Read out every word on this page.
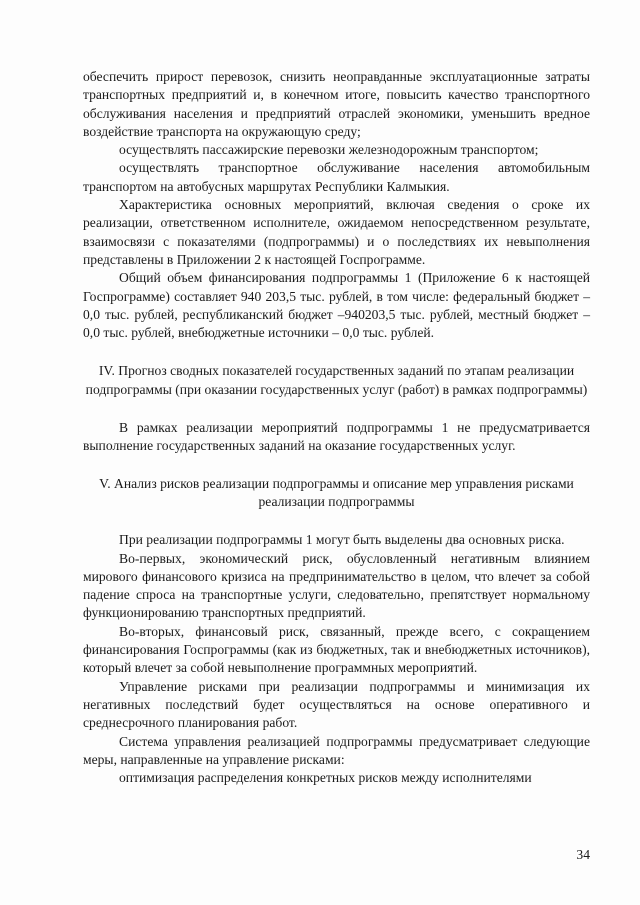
обеспечить прирост перевозок, снизить неоправданные эксплуатационные затраты транспортных предприятий и, в конечном итоге, повысить качество транспортного обслуживания населения и предприятий отраслей экономики, уменьшить вредное воздействие транспорта на окружающую среду;

осуществлять пассажирские перевозки железнодорожным транспортом;

осуществлять транспортное обслуживание населения автомобильным транспортом на автобусных маршрутах Республики Калмыкия.

Характеристика основных мероприятий, включая сведения о сроке их реализации, ответственном исполнителе, ожидаемом непосредственном результате, взаимосвязи с показателями (подпрограммы) и о последствиях их невыполнения представлены в Приложении 2 к настоящей Госпрограмме.

Общий объем финансирования подпрограммы 1 (Приложение 6 к настоящей Госпрограмме) составляет 940 203,5 тыс. рублей, в том числе: федеральный бюджет – 0,0 тыс. рублей, республиканский бюджет –940203,5 тыс. рублей, местный бюджет – 0,0 тыс. рублей, внебюджетные источники – 0,0 тыс. рублей.

IV. Прогноз сводных показателей государственных заданий по этапам реализации подпрограммы (при оказании государственных услуг (работ) в рамках подпрограммы)

В рамках реализации мероприятий подпрограммы 1 не предусматривается выполнение государственных заданий на оказание государственных услуг.

V. Анализ рисков реализации подпрограммы и описание мер управления рисками реализации подпрограммы

При реализации подпрограммы 1 могут быть выделены два основных риска.

Во-первых, экономический риск, обусловленный негативным влиянием мирового финансового кризиса на предпринимательство в целом, что влечет за собой падение спроса на транспортные услуги, следовательно, препятствует нормальному функционированию транспортных предприятий.

Во-вторых, финансовый риск, связанный, прежде всего, с сокращением финансирования Госпрограммы (как из бюджетных, так и внебюджетных источников), который влечет за собой невыполнение программных мероприятий.

Управление рисками при реализации подпрограммы и минимизация их негативных последствий будет осуществляться на основе оперативного и среднесрочного планирования работ.

Система управления реализацией подпрограммы предусматривает следующие меры, направленные на управление рисками:

оптимизация распределения конкретных рисков между исполнителями

34
